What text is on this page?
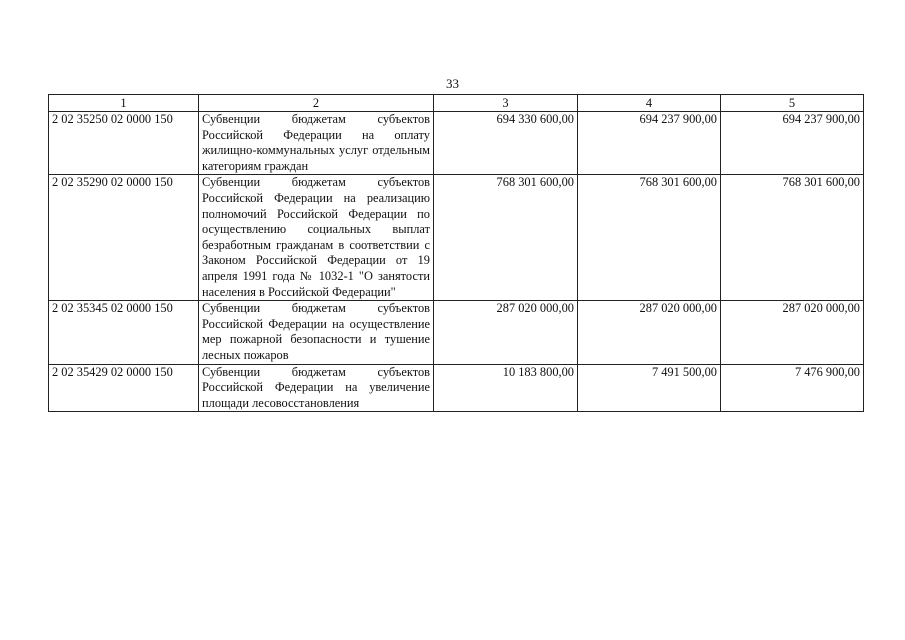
33
1	2	3	4	5
2 02 35250 02 0000 150	Субвенции бюджетам субъектов Российской Федерации на оплату жилищно-коммунальных услуг отдельным категориям граждан	694 330 600,00	694 237 900,00	694 237 900,00
2 02 35290 02 0000 150	Субвенции бюджетам субъектов Российской Федерации на реализацию полномочий Российской Федерации по осуществлению социальных выплат безработным гражданам в соответствии с Законом Российской Федерации от 19 апреля 1991 года № 1032-1 "О занятости населения в Российской Федерации"	768 301 600,00	768 301 600,00	768 301 600,00
2 02 35345 02 0000 150	Субвенции бюджетам субъектов Российской Федерации на осуществление мер пожарной безопасности и тушение лесных пожаров	287 020 000,00	287 020 000,00	287 020 000,00
2 02 35429 02 0000 150	Субвенции бюджетам субъектов Российской Федерации на увеличение площади лесовосстановления	10 183 800,00	7 491 500,00	7 476 900,00
